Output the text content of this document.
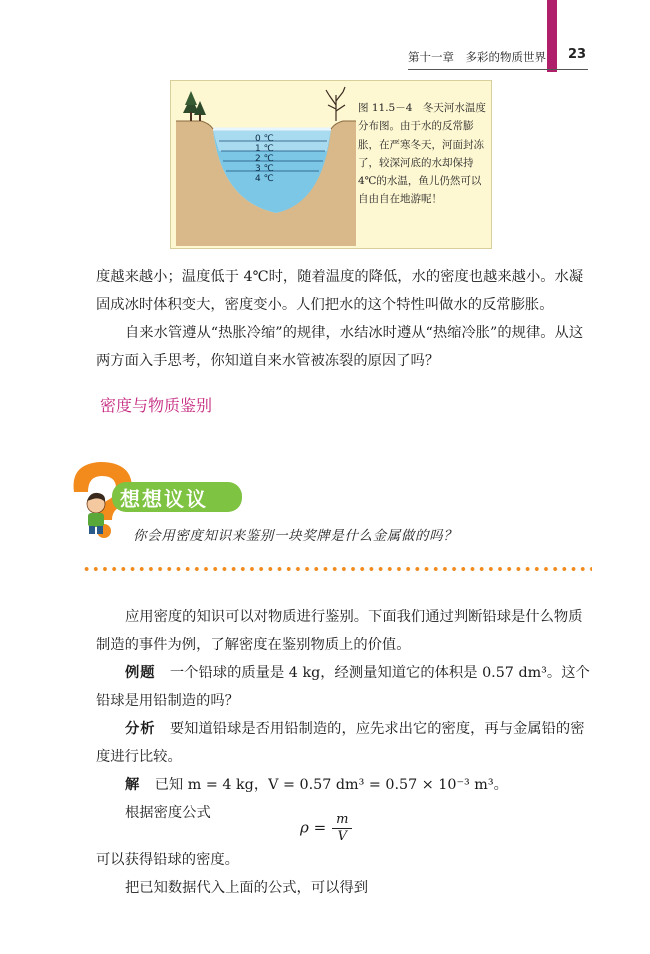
第十一章　多彩的物质世界 23
0 ℃
1 ℃
2 ℃
3 ℃
4 ℃
图 11.5－4　冬天河水温度分布图。由于水的反常膨胀，在严寒冬天，河面封冻了，较深河底的水却保持4℃的水温，鱼儿仍然可以自由自在地游呢！

度越来越小；温度低于 4℃时，随着温度的降低，水的密度也越来越小。水凝固成冰时体积变大，密度变小。人们把水的这个特性叫做水的反常膨胀。

自来水管遵从“热胀冷缩”的规律，水结冰时遵从“热缩冷胀”的规律。从这两方面入手思考，你知道自来水管被冻裂的原因了吗？

密度与物质鉴别
想想议议
你会用密度知识来鉴别一块奖牌是什么金属做的吗？

应用密度的知识可以对物质进行鉴别。下面我们通过判断铅球是什么物质制造的事件为例，了解密度在鉴别物质上的价值。

例题　 一个铅球的质量是 4 kg，经测量知道它的体积是 0.57 dm³。这个铅球是用铅制造的吗？

分析　 要知道铅球是否用铅制造的，应先求出它的密度，再与金属铅的密度进行比较。

解　 已知 m = 4 kg，V = 0.57 dm³ = 0.57 × 10⁻³ m³。

根据密度公式

$\rho = \frac{m}{V}$

可以获得铅球的密度。

把已知数据代入上面的公式，可以得到
